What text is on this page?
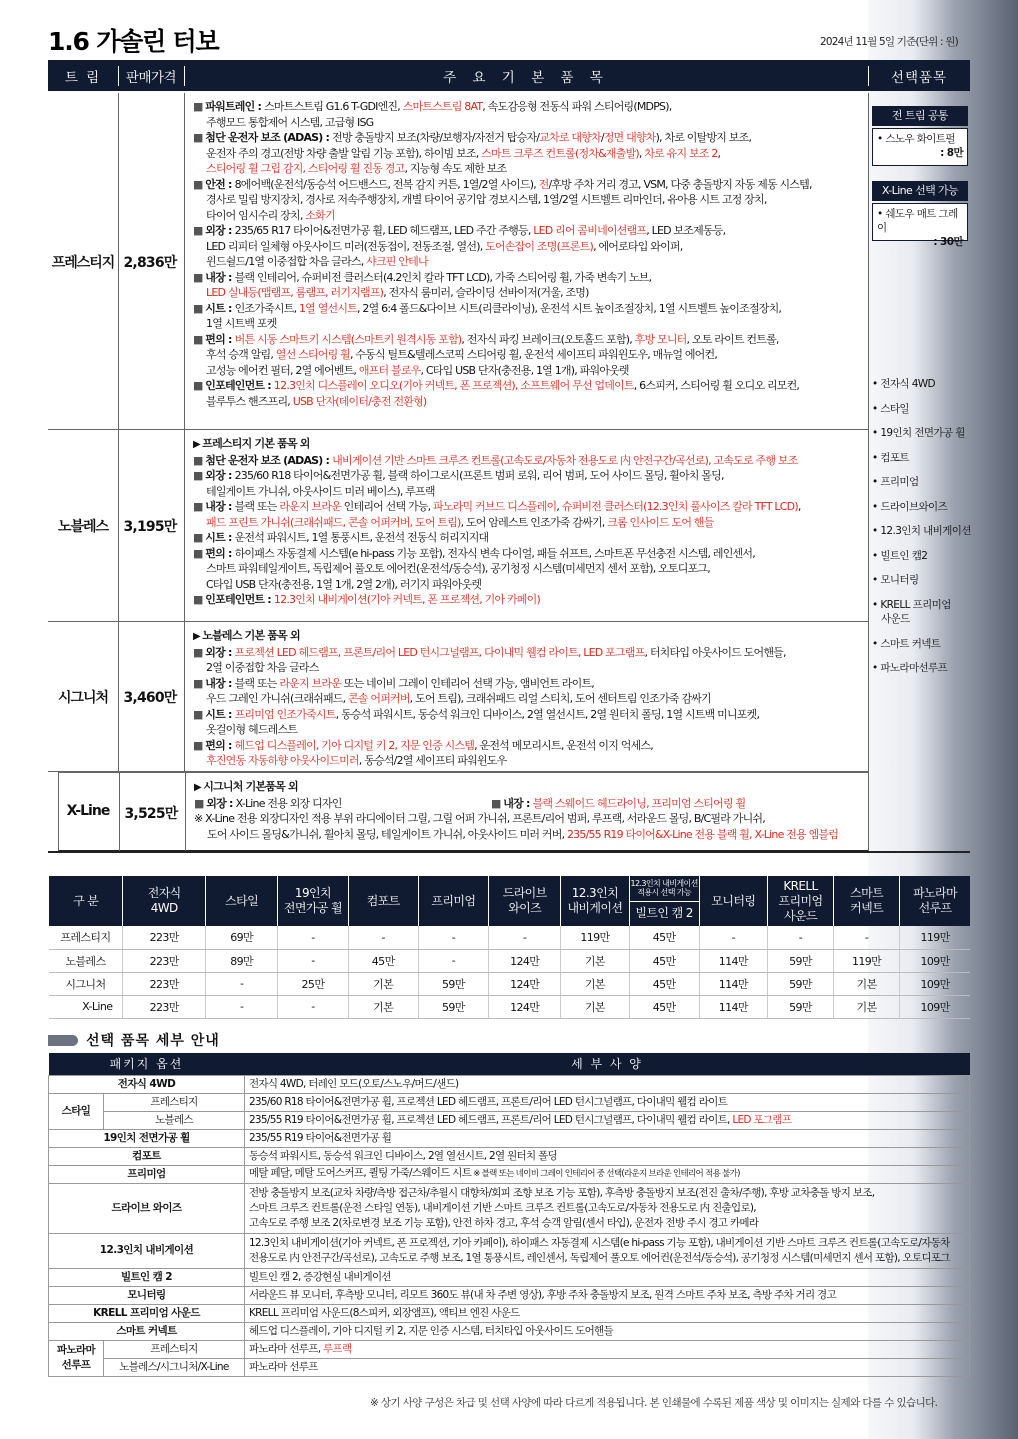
1.6 가솔린 터보	2024년 11월 5일 기준(단위 : 원)
트 림	판매가격	주 요 기 본 품 목	선택품목
프레스티지 2,836만
■ 파워트레인 : 스마트스트림 G1.6 T-GDI엔진, 스마트스트림 8AT, 속도감응형 전동식 파워 스티어링(MDPS),
주행모드 통합제어 시스템, 고급형 ISG
■ 첨단 운전자 보조 (ADAS) : 전방 충돌방지 보조(차량/보행자/자전거 탑승자/교차로 대향차/정면 대향차), 차로 이탈방지 보조,
운전자 주의 경고(전방 차량 출발 알림 기능 포함), 하이빔 보조, 스마트 크루즈 컨트롤(정차&재출발), 차로 유지 보조 2,
스티어링 휠 그립 감지, 스티어링 휠 진동 경고, 지능형 속도 제한 보조
■ 안전 : 8에어백(운전석/동승석 어드밴스드, 전복 감지 커튼, 1열/2열 사이드), 전/후방 주차 거리 경고, VSM, 다중 충돌방지 자동 제동 시스템,
경사로 밀림 방지장치, 경사로 저속주행장치, 개별 타이어 공기압 경보시스템, 1열/2열 시트벨트 리마인더, 유아용 시트 고정 장치,
타이어 임시수리 장치, 소화기
■ 외장 : 235/65 R17 타이어&전면가공 휠, LED 헤드램프, LED 주간 주행등, LED 리어 콤비네이션램프, LED 보조제동등,
LED 리피터 일체형 아웃사이드 미러(전동접이, 전동조절, 열선), 도어손잡이 조명(프론트), 에어로타입 와이퍼,
윈드쉴드/1열 이중접합 차음 글라스, 샤크핀 안테나
■ 내장 : 블랙 인테리어, 슈퍼비전 클러스터(4.2인치 칼라 TFT LCD), 가죽 스티어링 휠, 가죽 변속기 노브,
LED 실내등(맵램프, 룸램프, 러기지램프), 전자식 룸미러, 슬라이딩 선바이저(거울, 조명)
■ 시트 : 인조가죽시트, 1열 열선시트, 2열 6:4 폴드&다이브 시트(리클라이닝), 운전석 시트 높이조절장치, 1열 시트벨트 높이조절장치,
1열 시트백 포켓
■ 편의 : 버튼 시동 스마트키 시스템(스마트키 원격시동 포함), 전자식 파킹 브레이크(오토홀드 포함), 후방 모니터, 오토 라이트 컨트롤,
후석 승객 알림, 열선 스티어링 휠, 수동식 틸트&텔레스코픽 스티어링 휠, 운전석 세이프티 파워윈도우, 매뉴얼 에어컨,
고성능 에어컨 필터, 2열 에어벤트, 애프터 블로우, C타입 USB 단자(충전용, 1열 1개), 파워아웃렛
■ 인포테인먼트 : 12.3인치 디스플레이 오디오(기아 커넥트, 폰 프로젝션), 소프트웨어 무선 업데이트, 6스피커, 스티어링 휠 오디오 리모컨,
블루투스 핸즈프리, USB 단자(데이터/충전 전환형)
노블레스	3,195만
▶ 프레스티지 기본 품목 외
■ 첨단 운전자 보조 (ADAS) : 내비게이션 기반 스마트 크루즈 컨트롤(고속도로/자동차 전용도로 内 안전구간/곡선로), 고속도로 주행 보조
■ 외장 : 235/60 R18 타이어&전면가공 휠, 블랙 하이그로시(프론트 범퍼 로워, 리어 범퍼, 도어 사이드 몰딩, 휠아치 몰딩,
테일게이트 가니쉬, 아웃사이드 미러 베이스), 루프랙
■ 내장 : 블랙 또는 라운지 브라운 인테리어 선택 가능, 파노라믹 커브드 디스플레이, 슈퍼비전 클러스터(12.3인치 풀사이즈 칼라 TFT LCD),
패드 프린트 가니쉬(크래쉬패드, 콘솔 어퍼커버, 도어 트림), 도어 암레스트 인조가죽 감싸기, 크롬 인사이드 도어 핸들
■ 시트 : 운전석 파워시트, 1열 통풍시트, 운전석 전동식 허리지지대
■ 편의 : 하이패스 자동결제 시스템(e hi-pass 기능 포함), 전자식 변속 다이얼, 패들 쉬프트, 스마트폰 무선충전 시스템, 레인센서,
스마트 파워테일게이트, 독립제어 풀오토 에어컨(운전석/동승석), 공기청정 시스템(미세먼지 센서 포함), 오토디포그,
C타입 USB 단자(충전용, 1열 1개, 2열 2개), 러기지 파워아웃렛
■ 인포테인먼트 : 12.3인치 내비게이션(기아 커넥트, 폰 프로젝션, 기아 카페이)
시그니처	3,460만
▶ 노블레스 기본 품목 외
■ 외장 : 프로젝션 LED 헤드램프, 프론트/리어 LED 턴시그널램프, 다이내믹 웰컴 라이트, LED 포그램프, 터치타입 아웃사이드 도어핸들,
2열 이중접합 차음 글라스
■ 내장 : 블랙 또는 라운지 브라운 또는 네이비 그레이 인테리어 선택 가능, 앰비언트 라이트,
우드 그레인 가니쉬(크래쉬패드, 콘솔 어퍼커버, 도어 트림), 크래쉬패드 리얼 스티치, 도어 센터트림 인조가죽 감싸기
■ 시트 : 프리미엄 인조가죽시트, 동승석 파워시트, 동승석 워크인 디바이스, 2열 열선시트, 2열 원터치 폴딩, 1열 시트백 미니포켓,
옷걸이형 헤드레스트
■ 편의 : 헤드업 디스플레이, 기아 디지털 키 2, 지문 인증 시스템, 운전석 메모리시트, 운전석 이지 억세스,
후진연동 자동하향 아웃사이드미러, 동승석/2열 세이프티 파워윈도우
X-Line	3,525만
▶ 시그니처 기본품목 외
■ 외장 : X-Line 전용 외장 디자인	■ 내장 : 블랙 스웨이드 헤드라이닝, 프리미엄 스티어링 휠
※ X-Line 전용 외장디자인 적용 부위 라디에이터 그릴, 그릴 어퍼 가니쉬, 프론트/리어 범퍼, 루프랙, 서라운드 몰딩, B/C필라 가니쉬,
도어 사이드 몰딩&가니쉬, 휠아치 몰딩, 테일게이트 가니쉬, 아웃사이드 미러 커버, 235/55 R19 타이어&X-Line 전용 블랙 휠, X-Line 전용 엠블럼
전 트림 공통
• 스노우 화이트펄
: 8만
X-Line 선택 가능
• 쉐도우 매트 그레이
: 30만
• 전자식 4WD
• 스타일
• 19인치 전면가공 휠
• 컴포트
• 프리미엄
• 드라이브와이즈
• 12.3인치 내비게이션
• 빌트인 캠2
• 모니터링
• KRELL 프리미엄
사운드
• 스마트 커넥트
• 파노라마선루프
구 분	전자식
4WD	스타일	19인치
전면가공 휠	컴포트	프리미엄	드라이브
와이즈	12.3인치
내비게이션	12.3인치 내비게이션
적용시 선택 가능	모니터링	KRELL
프리미엄
사운드	스마트
커넥트	파노라마
선루프
								빌트인 캠 2				
프레스티지	223만	69만	-	-	-	-	119만	45만	-	-	-	119만
노블레스	223만	89만	-	45만	-	124만	기본	45만	114만	59만	119만	109만
시그니처	223만	-	25만	기본	59만	124만	기본	45만	114만	59만	기본	109만
X-Line	223만	-	-	기본	59만	124만	기본	45만	114만	59만	기본	109만
선택 품목 세부 안내
패키지 옵션		세 부 사 양
전자식 4WD		전자식 4WD, 터레인 모드(오토/스노우/머드/샌드)
스타일	프레스티지	235/60 R18 타이어&전면가공 휠, 프로젝션 LED 헤드램프, 프론트/리어 LED 턴시그널램프, 다이내믹 웰컴 라이트
	노블레스	235/55 R19 타이어&전면가공 휠, 프로젝션 LED 헤드램프, 프론트/리어 LED 턴시그널램프, 다이내믹 웰컴 라이트, LED 포그램프
19인치 전면가공 휠		235/55 R19 타이어&전면가공 휠
컴포트		동승석 파워시트, 동승석 워크인 디바이스, 2열 열선시트, 2열 원터치 폴딩
프리미엄		메탈 페달, 메탈 도어스커프, 퀼팅 가죽/스웨이드 시트 ※ 블랙 또는 네이비 그레이 인테리어 중 선택(라운지 브라운 인테리어 적용 불가)
드라이브 와이즈		전방 충돌방지 보조(교차 차량/측방 접근차/추월시 대향차/회피 조향 보조 기능 포함), 후측방 충돌방지 보조(전진 출차/주행), 후방 교차충돌 방지 보조,
스마트 크루즈 컨트롤(운전 스타일 연동), 내비게이션 기반 스마트 크루즈 컨트롤(고속도로/자동차 전용도로 内 진출입로),
고속도로 주행 보조 2(차로변경 보조 기능 포함), 안전 하차 경고, 후석 승객 알림(센서 타입), 운전자 전방 주시 경고 카메라

12.3인치 내비게이션		12.3인치 내비게이션(기아 커넥트, 폰 프로젝션, 기아 카페이), 하이패스 자동결제 시스템(e hi-pass 기능 포함), 내비게이션 기반 스마트 크루즈 컨트롤(고속도로/자동차
전용도로 内 안전구간/곡선로), 고속도로 주행 보조, 1열 통풍시트, 레인센서, 독립제어 풀오토 에어컨(운전석/동승석), 공기청정 시스템(미세먼지 센서 포함), 오토디포그

빌트인 캠 2		빌트인 캠 2, 증강현실 내비게이션
모니터링		서라운드 뷰 모니터, 후측방 모니터, 리모트 360도 뷰(내 차 주변 영상), 후방 주차 충돌방지 보조, 원격 스마트 주차 보조, 측방 주차 거리 경고
KRELL 프리미엄 사운드		KRELL 프리미엄 사운드(8스피커, 외장앰프), 액티브 엔진 사운드
스마트 커넥트		헤드업 디스플레이, 기아 디지털 키 2, 지문 인증 시스템, 터치타입 아웃사이드 도어핸들
파노라마
선루프	프레스티지	파노라마 선루프, 루프랙
	노블레스/시그니처/X-Line	파노라마 선루프
※ 상기 사양 구성은 차급 및 선택 사양에 따라 다르게 적용됩니다. 본 인쇄물에 수록된 제품 색상 및 이미지는 실제와 다를 수 있습니다.
